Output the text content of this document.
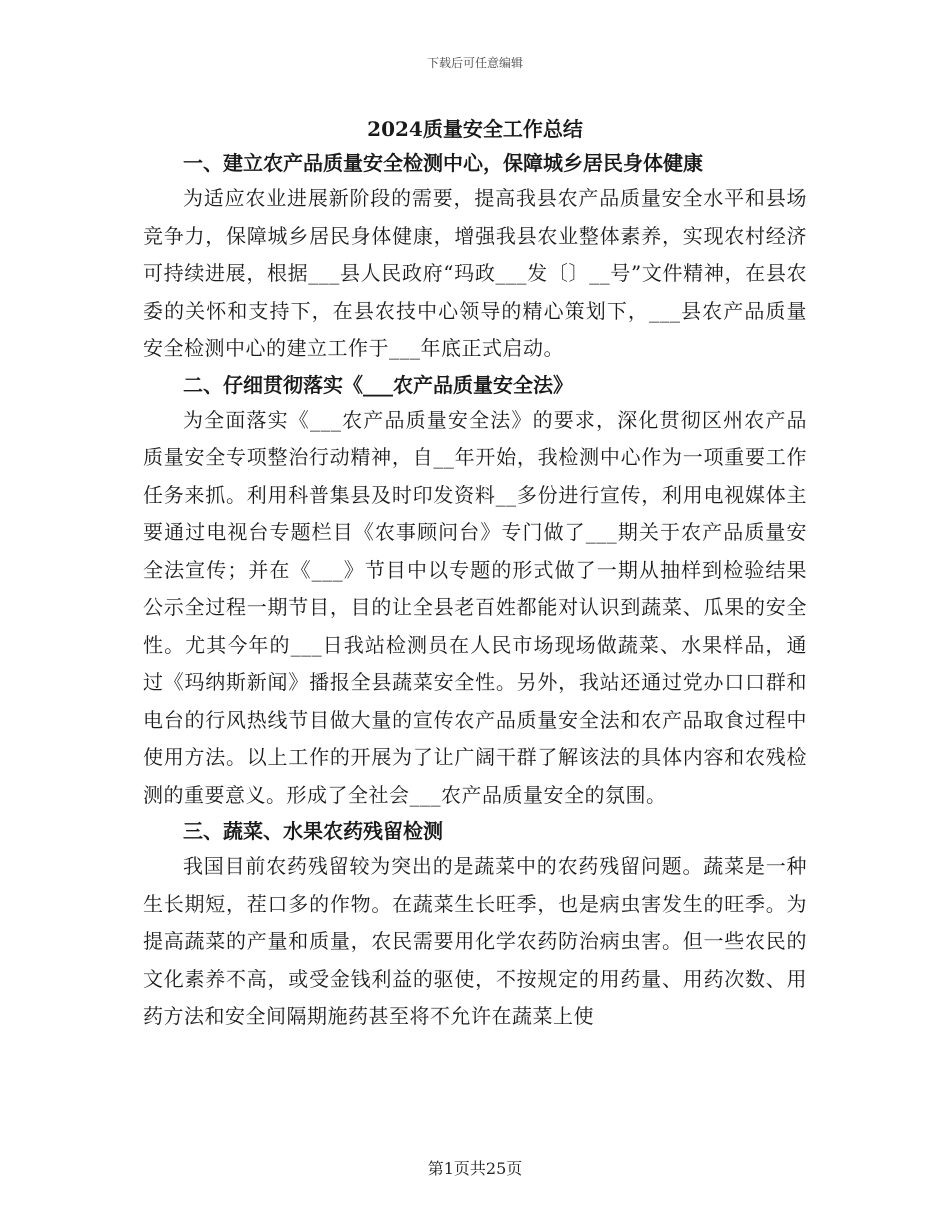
下载后可任意编辑
2024质量安全工作总结
一、建立农产品质量安全检测中心，保障城乡居民身体健康

为适应农业进展新阶段的需要，提高我县农产品质量安全水平和县场竞争力，保障城乡居民身体健康，增强我县农业整体素养，实现农村经济可持续进展，根据___县人民政府“玛政___发〔〕__号”文件精神，在县农委的关怀和支持下，在县农技中心领导的精心策划下，___县农产品质量安全检测中心的建立工作于___年底正式启动。

二、仔细贯彻落实《___农产品质量安全法》

为全面落实《___农产品质量安全法》的要求，深化贯彻区州农产品质量安全专项整治行动精神，自__年开始，我检测中心作为一项重要工作任务来抓。利用科普集县及时印发资料__多份进行宣传，利用电视媒体主要通过电视台专题栏目《农事顾问台》专门做了___期关于农产品质量安全法宣传；并在《___》节目中以专题的形式做了一期从抽样到检验结果公示全过程一期节目，目的让全县老百姓都能对认识到蔬菜、瓜果的安全性。尤其今年的___日我站检测员在人民市场现场做蔬菜、水果样品，通过《玛纳斯新闻》播报全县蔬菜安全性。另外，我站还通过党办口口群和电台的行风热线节目做大量的宣传农产品质量安全法和农产品取食过程中使用方法。以上工作的开展为了让广阔干群了解该法的具体内容和农残检测的重要意义。形成了全社会___农产品质量安全的氛围。

三、蔬菜、水果农药残留检测

我国目前农药残留较为突出的是蔬菜中的农药残留问题。蔬菜是一种生长期短，茬口多的作物。在蔬菜生长旺季，也是病虫害发生的旺季。为提高蔬菜的产量和质量，农民需要用化学农药防治病虫害。但一些农民的文化素养不高，或受金钱利益的驱使，不按规定的用药量、用药次数、用药方法和安全间隔期施药甚至将不允许在蔬菜上使

第1页共25页
